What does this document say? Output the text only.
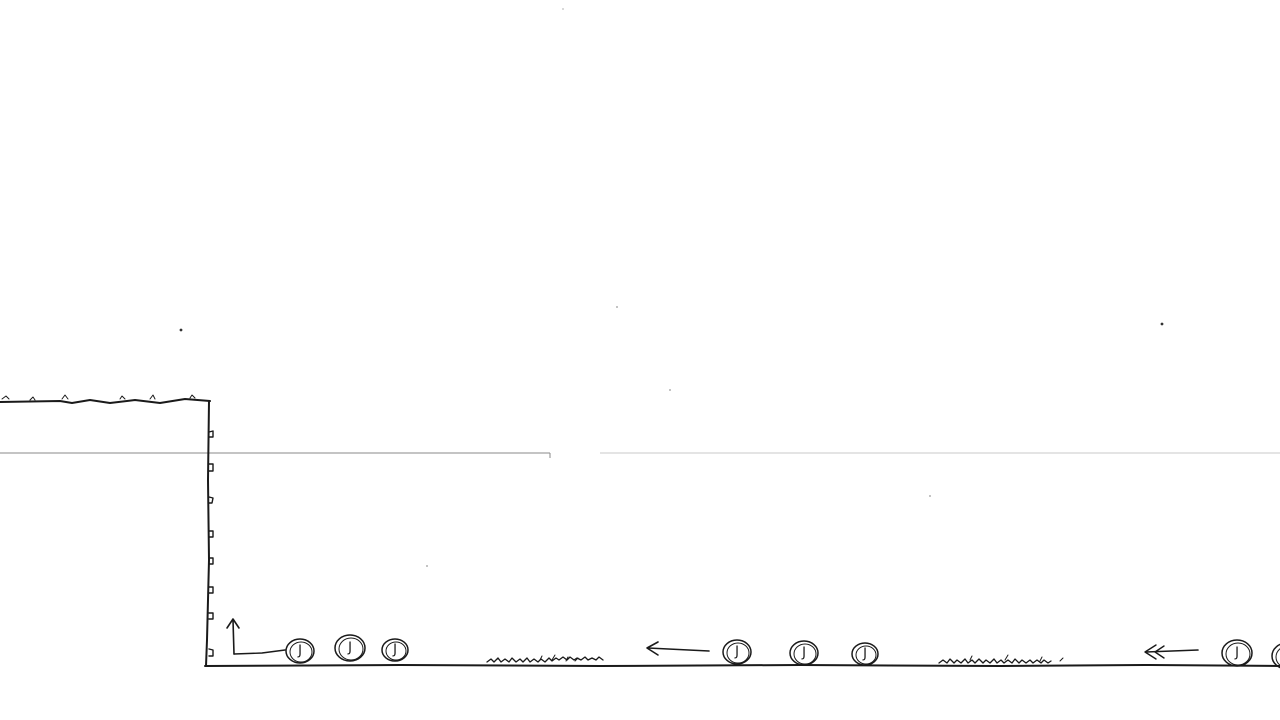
J	J	J	J	J	J	J
